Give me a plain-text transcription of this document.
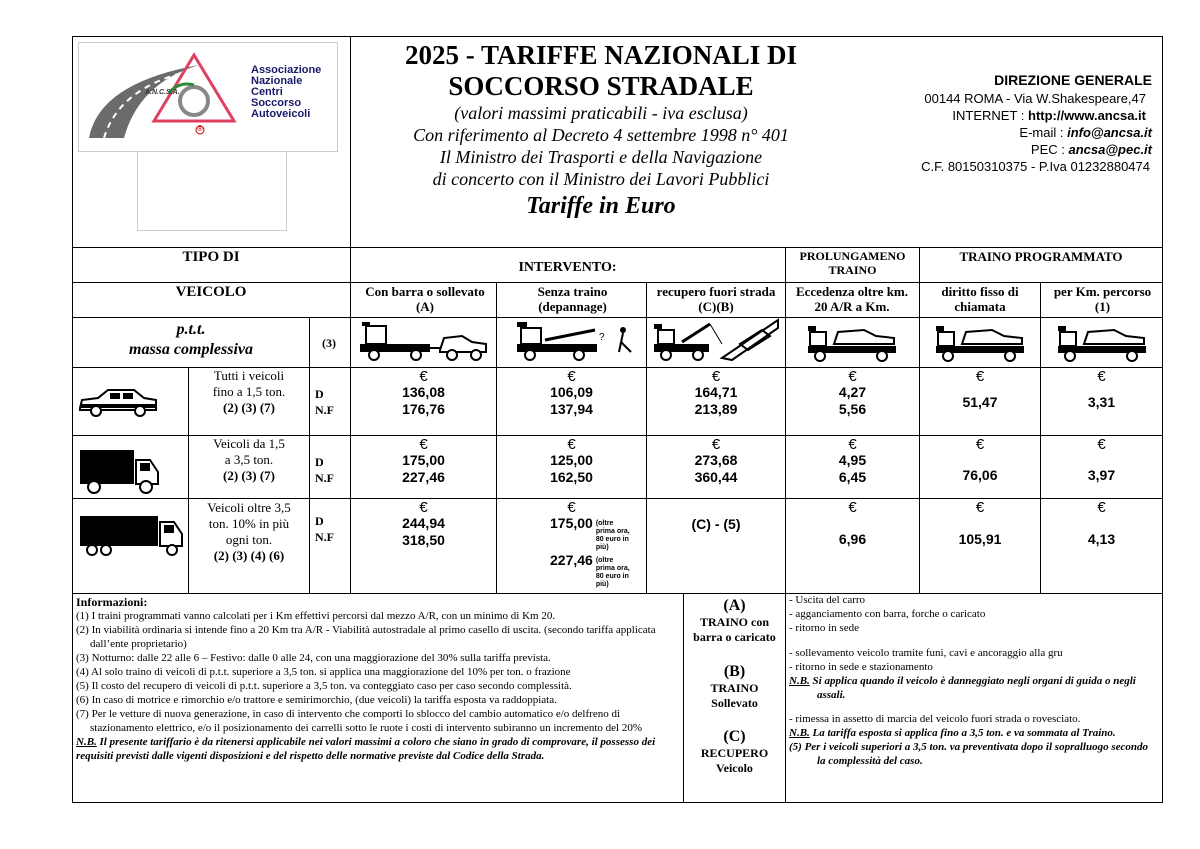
A.N.C.S.A.
Associazione
Nazionale
Centri
Soccorso
Autoveicoli
®
2025 - TARIFFE NAZIONALI DI
SOCCORSO STRADALE
(valori massimi praticabili - iva esclusa)
Con riferimento al Decreto 4 settembre 1998 n° 401
Il Ministro dei Trasporti e della Navigazione
di concerto con il Ministro dei Lavori Pubblici
Tariffe in Euro
DIREZIONE GENERALE
00144 ROMA - Via W.Shakespeare,47
INTERNET : http://www.ancsa.it
E-mail : info@ancsa.it
PEC : ancsa@pec.it
C.F. 80150310375 - P.Iva 01232880474
TIPO DI
VEICOLO
INTERVENTO:
PROLUNGAMENO TRAINO
TRAINO PROGRAMMATO
Con barra o sollevato (A)
Senza traino (depannage)
recupero fuori strada (C)(B)
Eccedenza oltre km. 20 A/R a Km.
diritto fisso di chiamata
per Km. percorso (1)
p.t.t.
massa complessiva	(3)	?
Tutti i veicoli
fino a 1,5 ton.
(2) (3) (7)
D
N.F
€
136,08
176,76
€
106,09
137,94
€
164,71
213,89
€
4,27
5,56
€
51,47
€
3,31
Veicoli da 1,5
a 3,5 ton.
(2) (3) (7)
D
N.F
€
175,00
227,46
€
125,00
162,50
€
273,68
360,44
€
4,95
6,45
€
76,06
€
3,97
Veicoli oltre 3,5
ton. 10% in più
ogni ton.
(2) (3) (4) (6)
D
N.F
€
244,94
318,50
€
175,00 (oltre prima ora, 80 euro in più)
227,46 (oltre prima ora, 80 euro in più)
(C) - (5)
€
6,96
€
105,91
€
4,13
Informazioni:
(1) I traini programmati vanno calcolati per i Km effettivi percorsi dal mezzo A/R, con un minimo di Km 20.
(2) In viabilità ordinaria si intende fino a 20 Km tra A/R - Viabilità autostradale al primo casello di uscita. (secondo tariffa applicata dall’ente proprietario)
(3) Notturno: dalle 22 alle 6 – Festivo: dalle 0 alle 24, con una maggiorazione del 30% sulla tariffa prevista.
(4) Al solo traino di veicoli di p.t.t. superiore a 3,5 ton. si applica una maggiorazione del 10% per ton. o frazione
(5) Il costo del recupero di veicoli di p.t.t. superiore a 3,5 ton. va conteggiato caso per caso secondo complessità.
(6) In caso di motrice e rimorchio e/o trattore e semirimorchio, (due veicoli) la tariffa esposta va raddoppiata.
(7) Per le vetture di nuova generazione, in caso di intervento che comporti lo sblocco del cambio automatico e/o delfreno di stazionamento elettrico, e/o il posizionamento dei carrelli sotto le ruote i costi di intervento subiranno un incremento del 20%
N.B. Il presente tariffario è da ritenersi applicabile nei valori massimi a coloro che siano in grado di comprovare, il possesso dei requisiti previsti dalle vigenti disposizioni e del rispetto delle normative previste dal Codice della Strada.
(A)
TRAINO con barra o caricato
(B)
TRAINO Sollevato
(C)
RECUPERO Veicolo
- Uscita del carro
- agganciamento con barra, forche o caricato
- ritorno in sede
- sollevamento veicolo tramite funi, cavi e ancoraggio alla gru
- ritorno in sede e stazionamento
N.B. Si applica quando il veicolo è danneggiato negli organi di guida o negli assali.
- rimessa in assetto di marcia del veicolo fuori strada o rovesciato.
N.B. La tariffa esposta si applica fino a 3,5 ton. e va sommata al Traino.
(5) Per i veicoli superiori a 3,5 ton. va preventivata dopo il sopralluogo secondo la complessità del caso.
